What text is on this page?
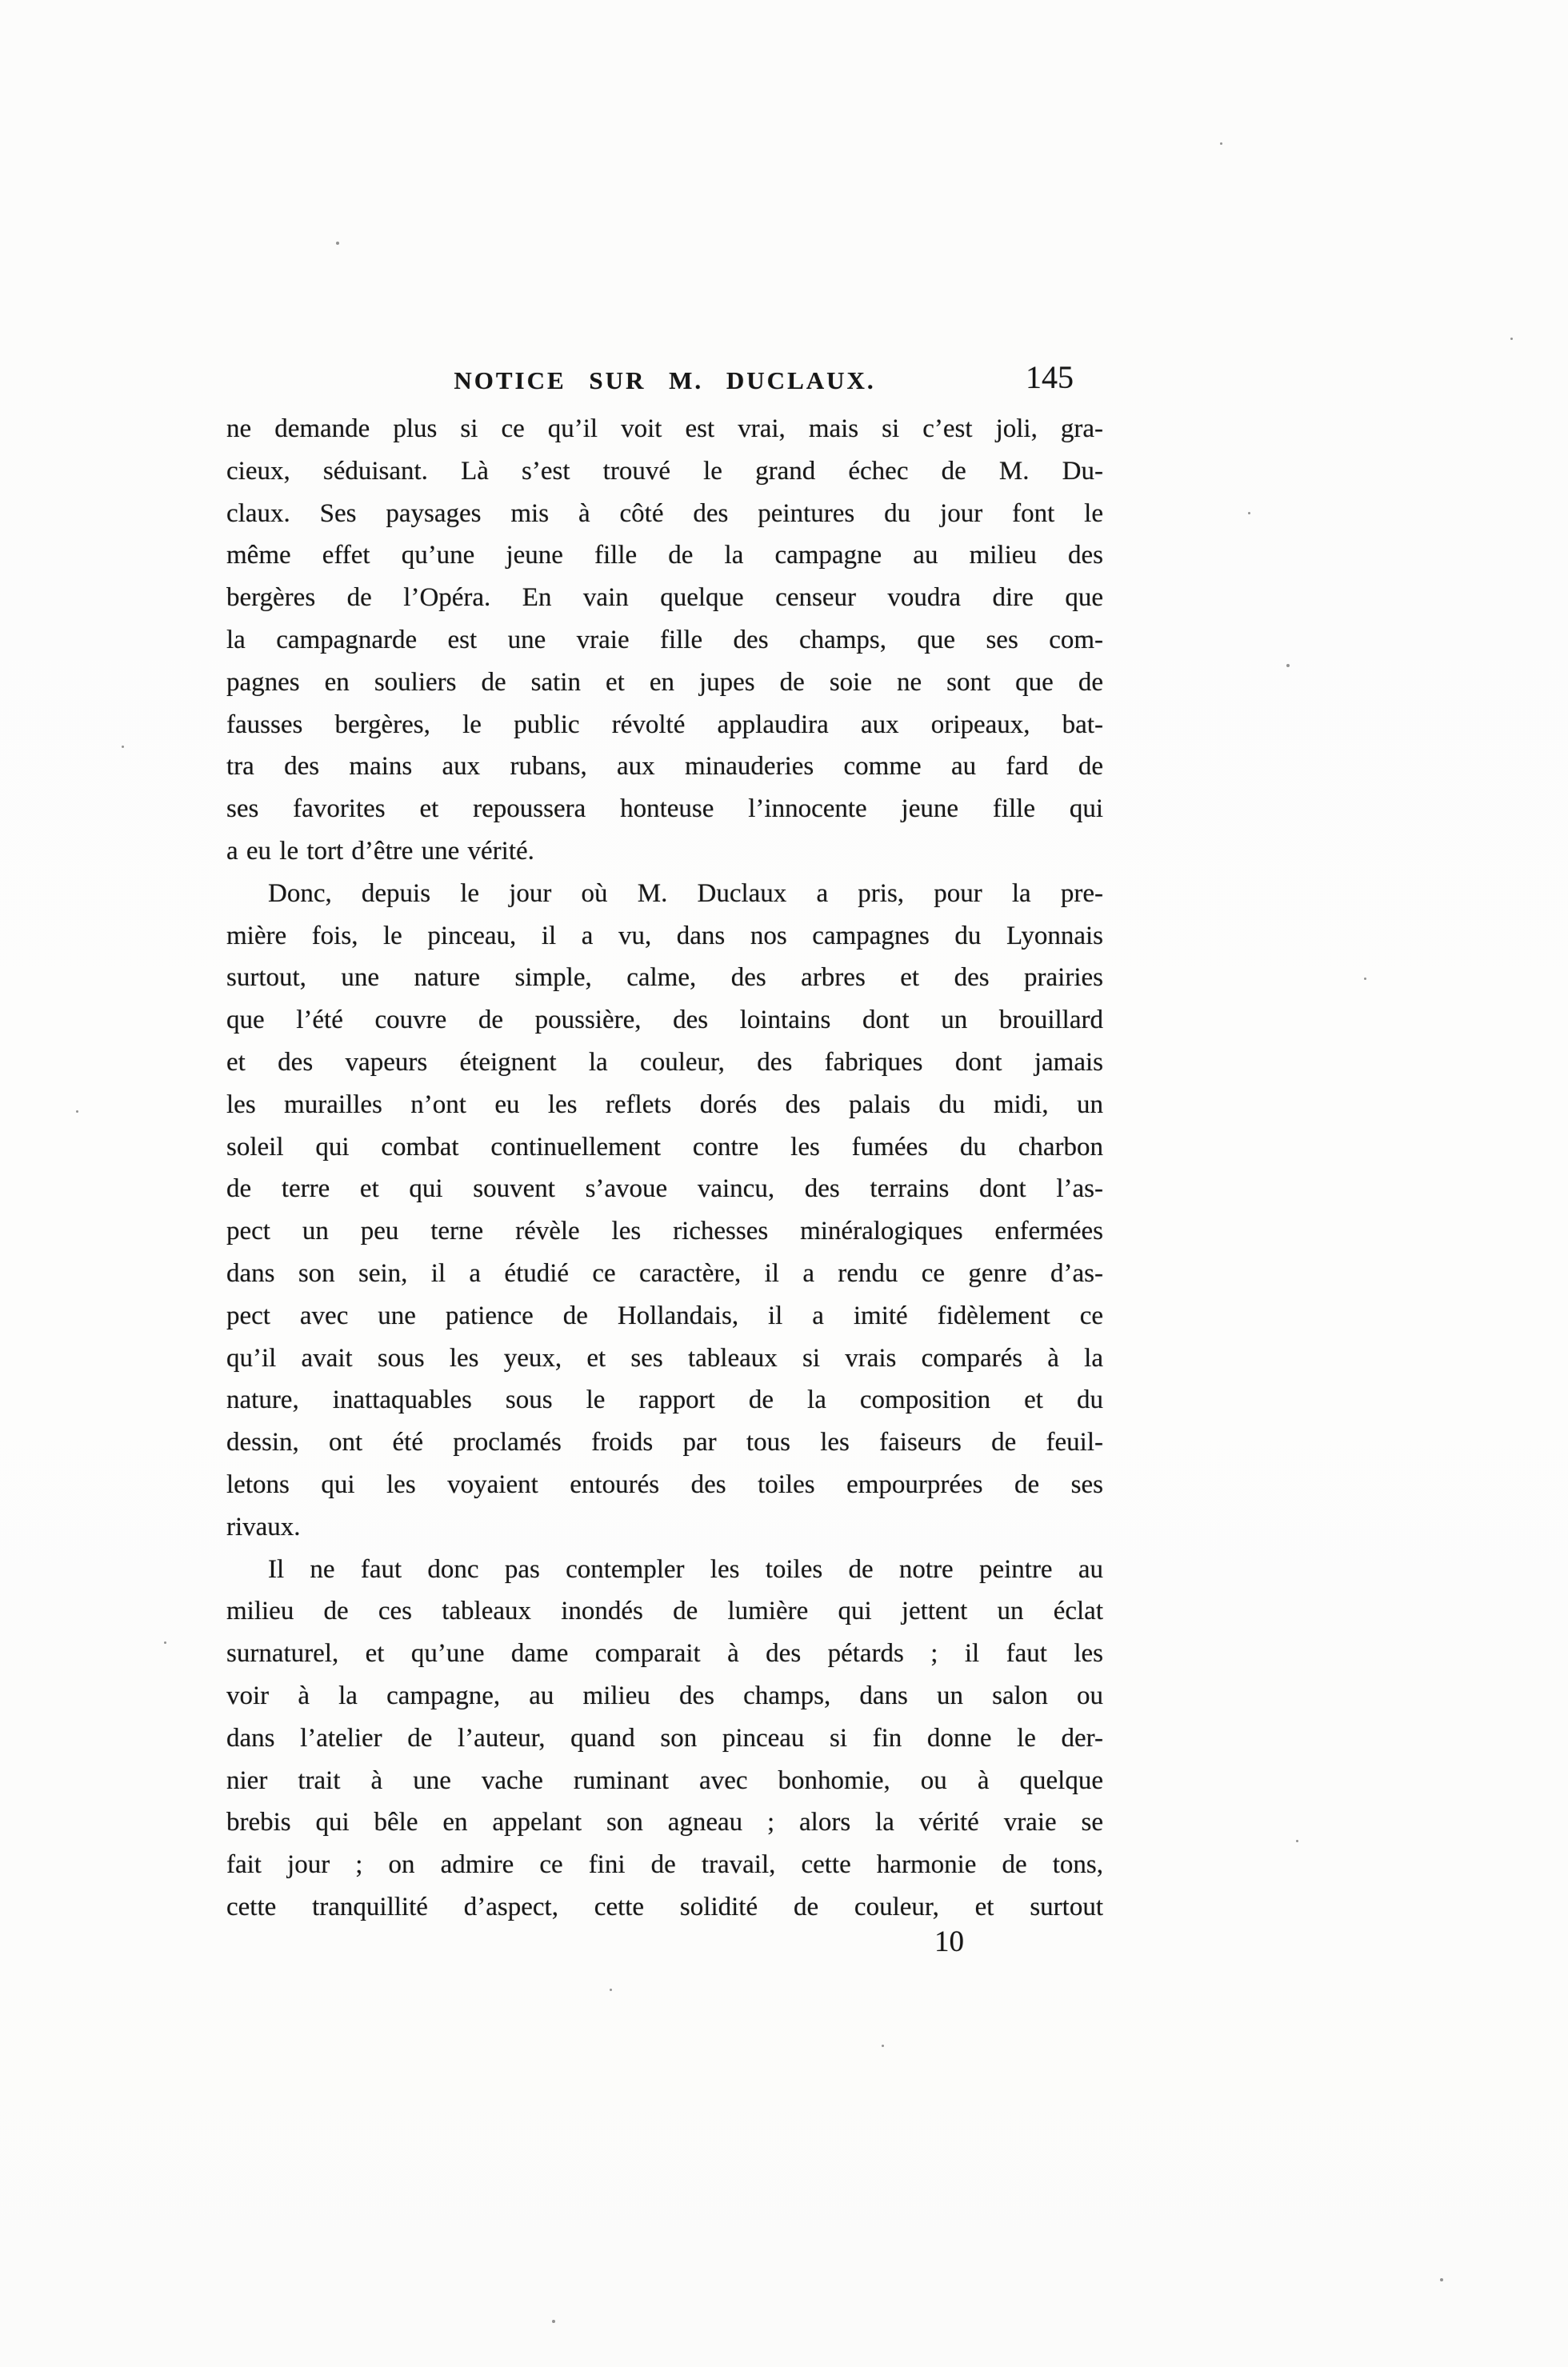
NOTICE SUR M. DUCLAUX.	145
ne demande plus si ce qu’il voit est vrai, mais si c’est joli, gra-
cieux, séduisant. Là s’est trouvé le grand échec de M. Du-
claux. Ses paysages mis à côté des peintures du jour font le
même effet qu’une jeune fille de la campagne au milieu des
bergères de l’Opéra. En vain quelque censeur voudra dire que
la campagnarde est une vraie fille des champs, que ses com-
pagnes en souliers de satin et en jupes de soie ne sont que de
fausses bergères, le public révolté applaudira aux oripeaux, bat-
tra des mains aux rubans, aux minauderies comme au fard de
ses favorites et repoussera honteuse l’innocente jeune fille qui
a eu le tort d’être une vérité.
Donc, depuis le jour où M. Duclaux a pris, pour la pre-
mière fois, le pinceau, il a vu, dans nos campagnes du Lyonnais
surtout, une nature simple, calme, des arbres et des prairies
que l’été couvre de poussière, des lointains dont un brouillard
et des vapeurs éteignent la couleur, des fabriques dont jamais
les murailles n’ont eu les reflets dorés des palais du midi, un
soleil qui combat continuellement contre les fumées du charbon
de terre et qui souvent s’avoue vaincu, des terrains dont l’as-
pect un peu terne révèle les richesses minéralogiques enfermées
dans son sein, il a étudié ce caractère, il a rendu ce genre d’as-
pect avec une patience de Hollandais, il a imité fidèlement ce
qu’il avait sous les yeux, et ses tableaux si vrais comparés à la
nature, inattaquables sous le rapport de la composition et du
dessin, ont été proclamés froids par tous les faiseurs de feuil-
letons qui les voyaient entourés des toiles empourprées de ses
rivaux.
Il ne faut donc pas contempler les toiles de notre peintre au
milieu de ces tableaux inondés de lumière qui jettent un éclat
surnaturel, et qu’une dame comparait à des pétards ; il faut les
voir à la campagne, au milieu des champs, dans un salon ou
dans l’atelier de l’auteur, quand son pinceau si fin donne le der-
nier trait à une vache ruminant avec bonhomie, ou à quelque
brebis qui bêle en appelant son agneau ; alors la vérité vraie se
fait jour ; on admire ce fini de travail, cette harmonie de tons,
cette tranquillité d’aspect, cette solidité de couleur, et surtout
10
